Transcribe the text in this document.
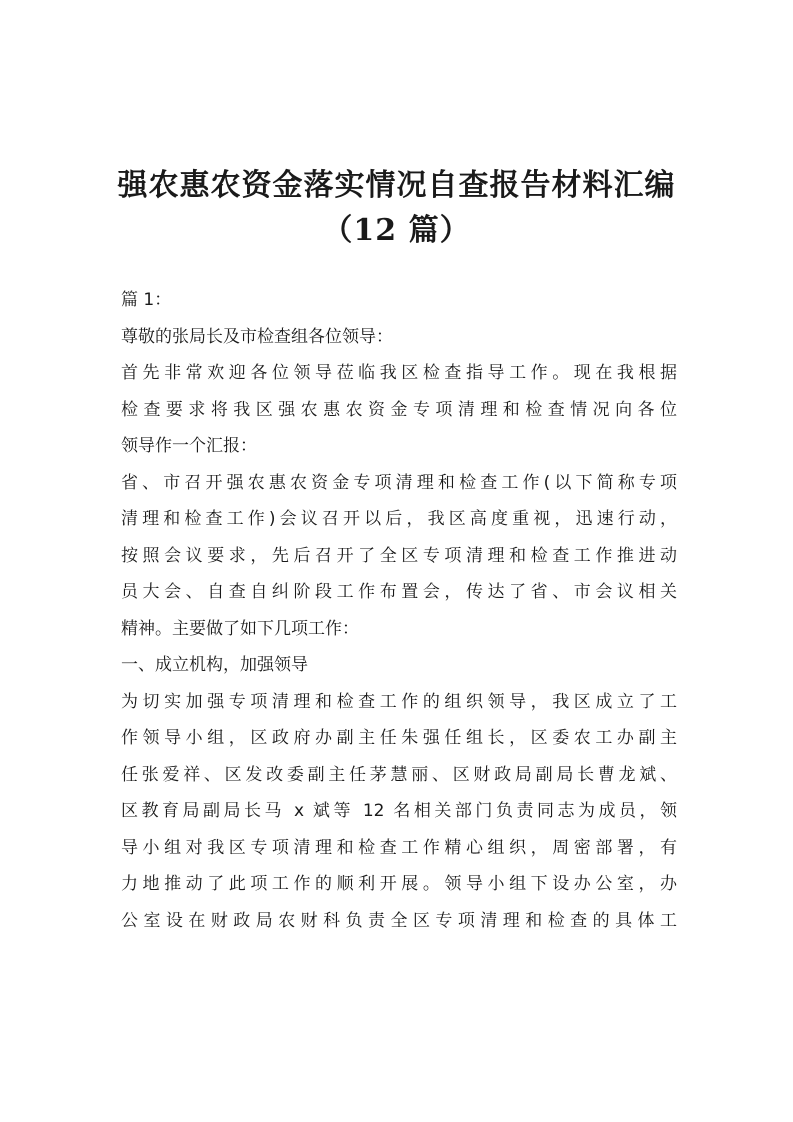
强农惠农资金落实情况自查报告材料汇编
（12 篇）
篇 1：
尊敬的张局长及市检查组各位领导：
首先非常欢迎各位领导莅临我区检查指导工作。现在我根据
检查要求将我区强农惠农资金专项清理和检查情况向各位
领导作一个汇报：
省、市召开强农惠农资金专项清理和检查工作(以下简称专项
清理和检查工作)会议召开以后，我区高度重视，迅速行动，
按照会议要求，先后召开了全区专项清理和检查工作推进动
员大会、自查自纠阶段工作布置会，传达了省、市会议相关
精神。主要做了如下几项工作：
一、成立机构，加强领导
为切实加强专项清理和检查工作的组织领导，我区成立了工
作领导小组，区政府办副主任朱强任组长，区委农工办副主
任张爱祥、区发改委副主任茅慧丽、区财政局副局长曹龙斌、
区教育局副局长马 x 斌等 12 名相关部门负责同志为成员，领
导小组对我区专项清理和检查工作精心组织，周密部署，有
力地推动了此项工作的顺利开展。领导小组下设办公室，办
公室设在财政局农财科负责全区专项清理和检查的具体工
